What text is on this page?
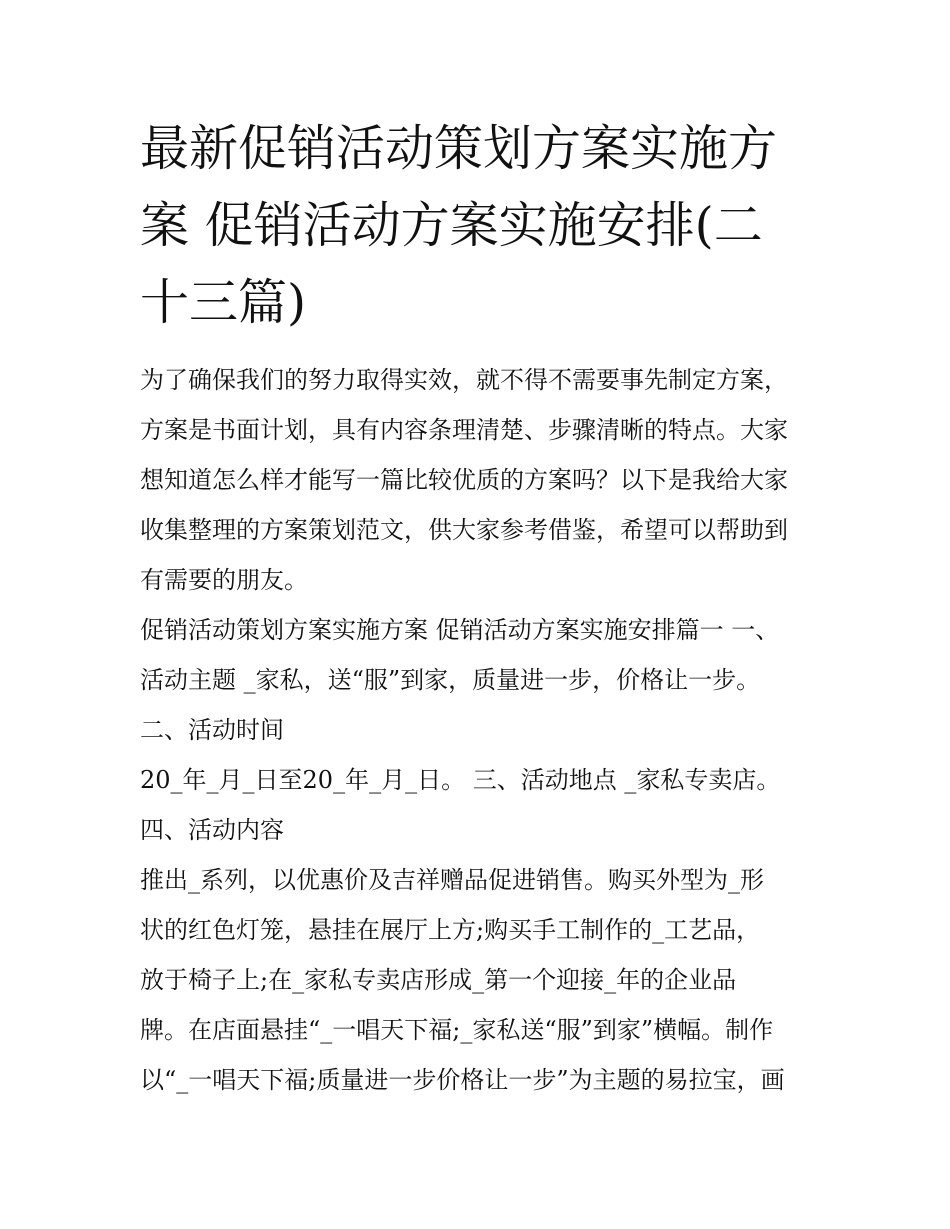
最新促销活动策划方案实施方
案 促销活动方案实施安排(二
十三篇)
为了确保我们的努力取得实效，就不得不需要事先制定方案，
方案是书面计划，具有内容条理清楚、步骤清晰的特点。大家
想知道怎么样才能写一篇比较优质的方案吗？以下是我给大家
收集整理的方案策划范文，供大家参考借鉴，希望可以帮助到
有需要的朋友。
促销活动策划方案实施方案 促销活动方案实施安排篇一 一、
活动主题 _家私，送“服”到家，质量进一步，价格让一步。
二、活动时间
20_年_月_日至20_年_月_日。 三、活动地点 _家私专卖店。
四、活动内容
推出_系列，以优惠价及吉祥赠品促进销售。购买外型为_形
状的红色灯笼，悬挂在展厅上方;购买手工制作的_工艺品，
放于椅子上;在_家私专卖店形成_第一个迎接_年的企业品
牌。在店面悬挂“_一唱天下福;_家私送“服”到家”横幅。制作
以“_一唱天下福;质量进一步价格让一步”为主题的易拉宝，画
